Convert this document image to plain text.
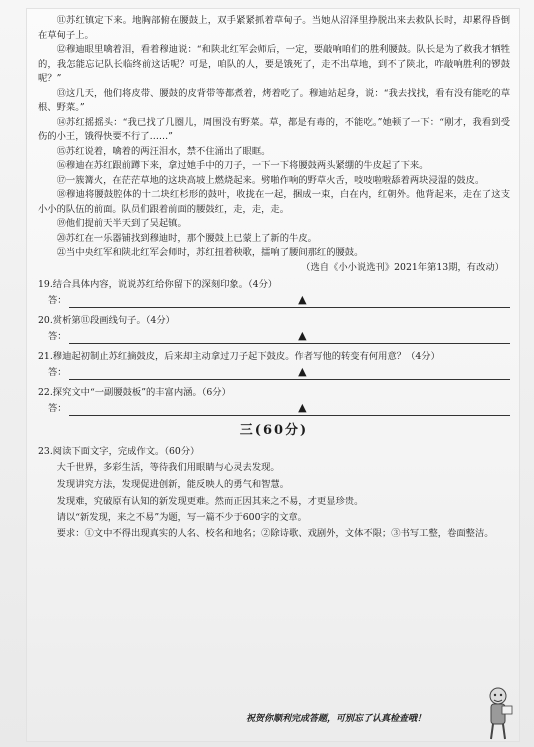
⑪苏红镇定下来。地胸部俯在腰鼓上，双手紧紧抓着草甸子。当她从沼泽里挣脱出来去救队长时，却累得昏倒在草甸子上。

⑫穆迪眼里噙着泪，看着穆迪说：“和陕北红军会师后，一定，要敲响咱们的胜利腰鼓。队长是为了救我才牺牲的，我怎能忘记队长临终前这话呢？可是，咱队的人，要是饿死了，走不出草地，到不了陕北，咋敲响胜利的锣鼓呢？”

⑬这几天，他们将皮带、腰鼓的皮背带等都煮着，烤着吃了。穆迪站起身，说：“我去找找，看有没有能吃的草根、野菜。”

⑭苏红摇摇头：“我已找了几圈儿，周围没有野菜。草，都是有毒的，不能吃。”她顿了一下：“刚才，我看到受伤的小王，饿得快要不行了……”

⑮苏红说着，噙着的两汪泪水，禁不住涌出了眼眶。

⑯穆迪在苏红跟前蹲下来，拿过她手中的刀子，一下一下将腰鼓两头紧绷的牛皮起了下来。

⑰一簇篝火，在茫茫草地的这块高坡上燃烧起来。劈啪作响的野草火舌，吱吱啦啦舔着两块浸湿的鼓皮。

⑱穆迪将腰鼓腔体的十二块红杉形的鼓叶，收拢在一起，捆成一束，白在内，红朝外。他背起来，走在了这支小小的队伍的前面。队员们跟着前面的腰鼓红，走，走，走。

⑲他们提前天半天到了吴起镇。

⑳苏红在一乐器铺找到穆迪时，那个腰鼓上已蒙上了新的牛皮。

㉑当中央红军和陕北红军会师时，苏红扭着秧歌，擂响了腰间那红的腰鼓。

（选自《小小说选刊》2021年第13期，有改动）

19.结合具体内容，说说苏红给你留下的深刻印象。（4分）

答：	▲

20.赏析第⑪段画线句子。（4分）

答：	▲

21.穆迪起初制止苏红摘鼓皮，后来却主动拿过刀子起下鼓皮。作者写他的转变有何用意？（4分）

答：	▲

22.探究文中“一副腰鼓板”的丰富内涵。（6分）

答：	▲
三(60分)

23.阅读下面文字，完成作文。（60分）

大千世界，多彩生活，等待我们用眼睛与心灵去发现。

发现讲究方法，发现促进创新，能反映人的勇气和智慧。

发现难，究破原有认知的新发现更难。然而正因其来之不易，才更显珍贵。

请以“新发现，来之不易”为题，写一篇不少于600字的文章。

要求：①文中不得出现真实的人名、校名和地名；②除诗歌、戏剧外，文体不限；③书写工整，卷面整洁。

祝贺你顺利完成答题，可别忘了认真检查哦！
